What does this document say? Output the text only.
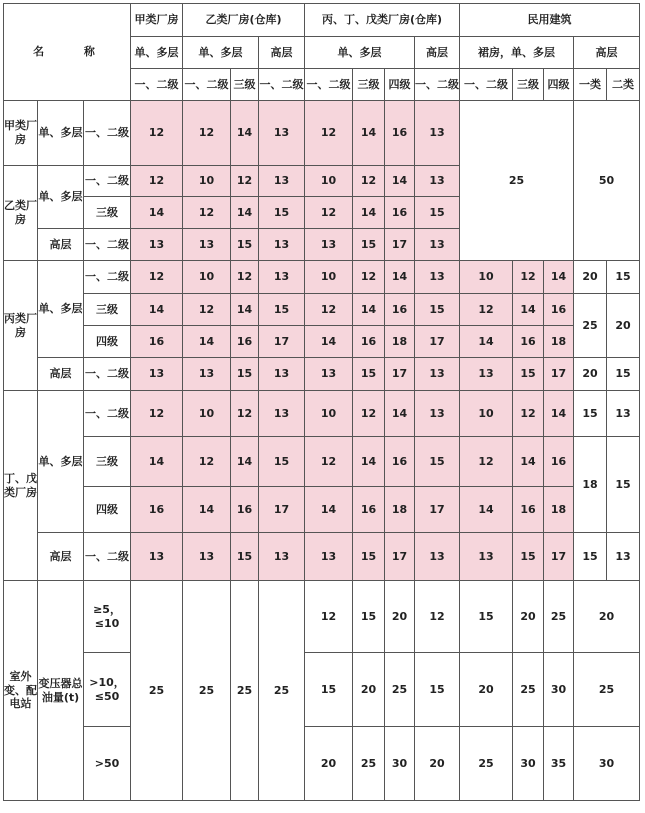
名 称			甲类厂房	乙类厂房(仓库)			丙、丁、戊类厂房(仓库)				民用建筑				
			单、多层	单、多层		高层	单、多层			高层	裙房，单、多层			高层	
			一、二级	一、二级	三级	一、二级	一、二级	三级	四级	一、二级	一、二级	三级	四级	一类	二类
甲类厂房	单、多层	一、二级	12	12	14	13	12	14	16	13	25			50	
乙类厂房	单、多层	一、二级	12	10	12	13	10	12	14	13					
		三级	14	12	14	15	12	14	16	15					
	高层	一、二级	13	13	15	13	13	15	17	13					
丙类厂房	单、多层	一、二级	12	10	12	13	10	12	14	13	10	12	14	20	15
		三级	14	12	14	15	12	14	16	15	12	14	16	25	20
		四级	16	14	16	17	14	16	18	17	14	16	18		
	高层	一、二级	13	13	15	13	13	15	17	13	13	15	17	20	15
丁、戊类厂房	单、多层	一、二级	12	10	12	13	10	12	14	13	10	12	14	15	13
		三级	14	12	14	15	12	14	16	15	12	14	16	18	15
		四级	16	14	16	17	14	16	18	17	14	16	18		
	高层	一、二级	13	13	15	13	13	15	17	13	13	15	17	15	13
室外变、配电站	变压器总油量(t)	≥5，≤10	25	25	25	25	12	15	20	12	15	20	25	20	
		>10，≤50					15	20	25	15	20	25	30	25	
		>50					20	25	30	20	25	30	35	30	
